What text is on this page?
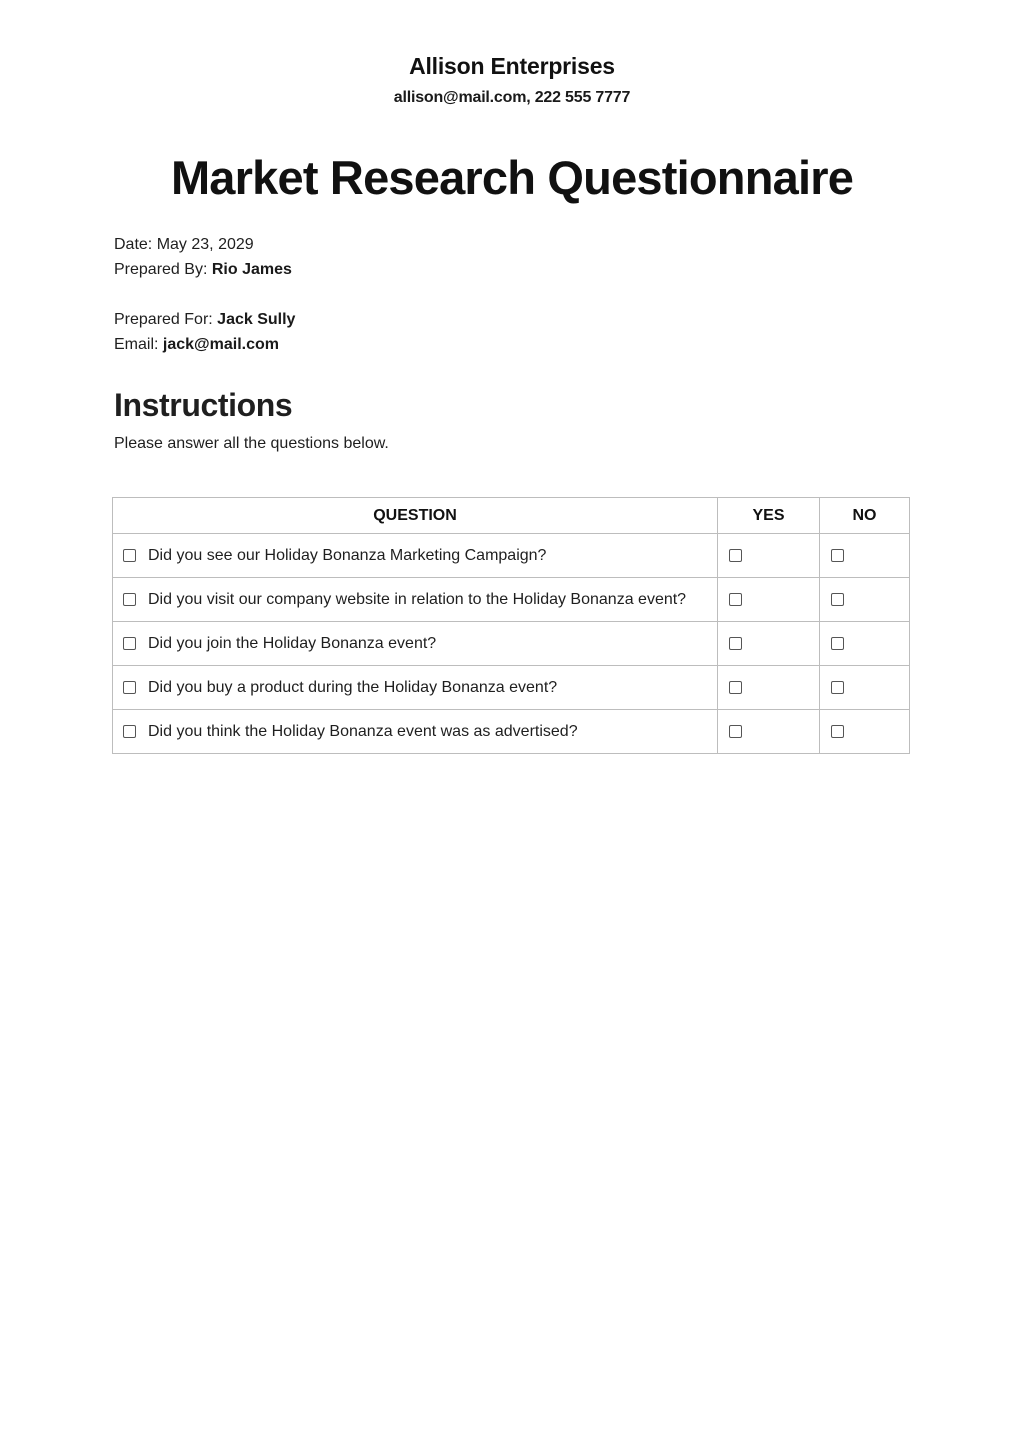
Allison Enterprises
allison@mail.com, 222 555 7777
Market Research Questionnaire
Date: May 23, 2029
Prepared By: Rio James
Prepared For: Jack Sully
Email: jack@mail.com
Instructions
Please answer all the questions below.
QUESTION	YES	NO

Did you see our Holiday Bonanza Marketing Campaign?		

Did you visit our company website in relation to the Holiday Bonanza event?		

Did you join the Holiday Bonanza event?		

Did you buy a product during the Holiday Bonanza event?		

Did you think the Holiday Bonanza event was as advertised?		
